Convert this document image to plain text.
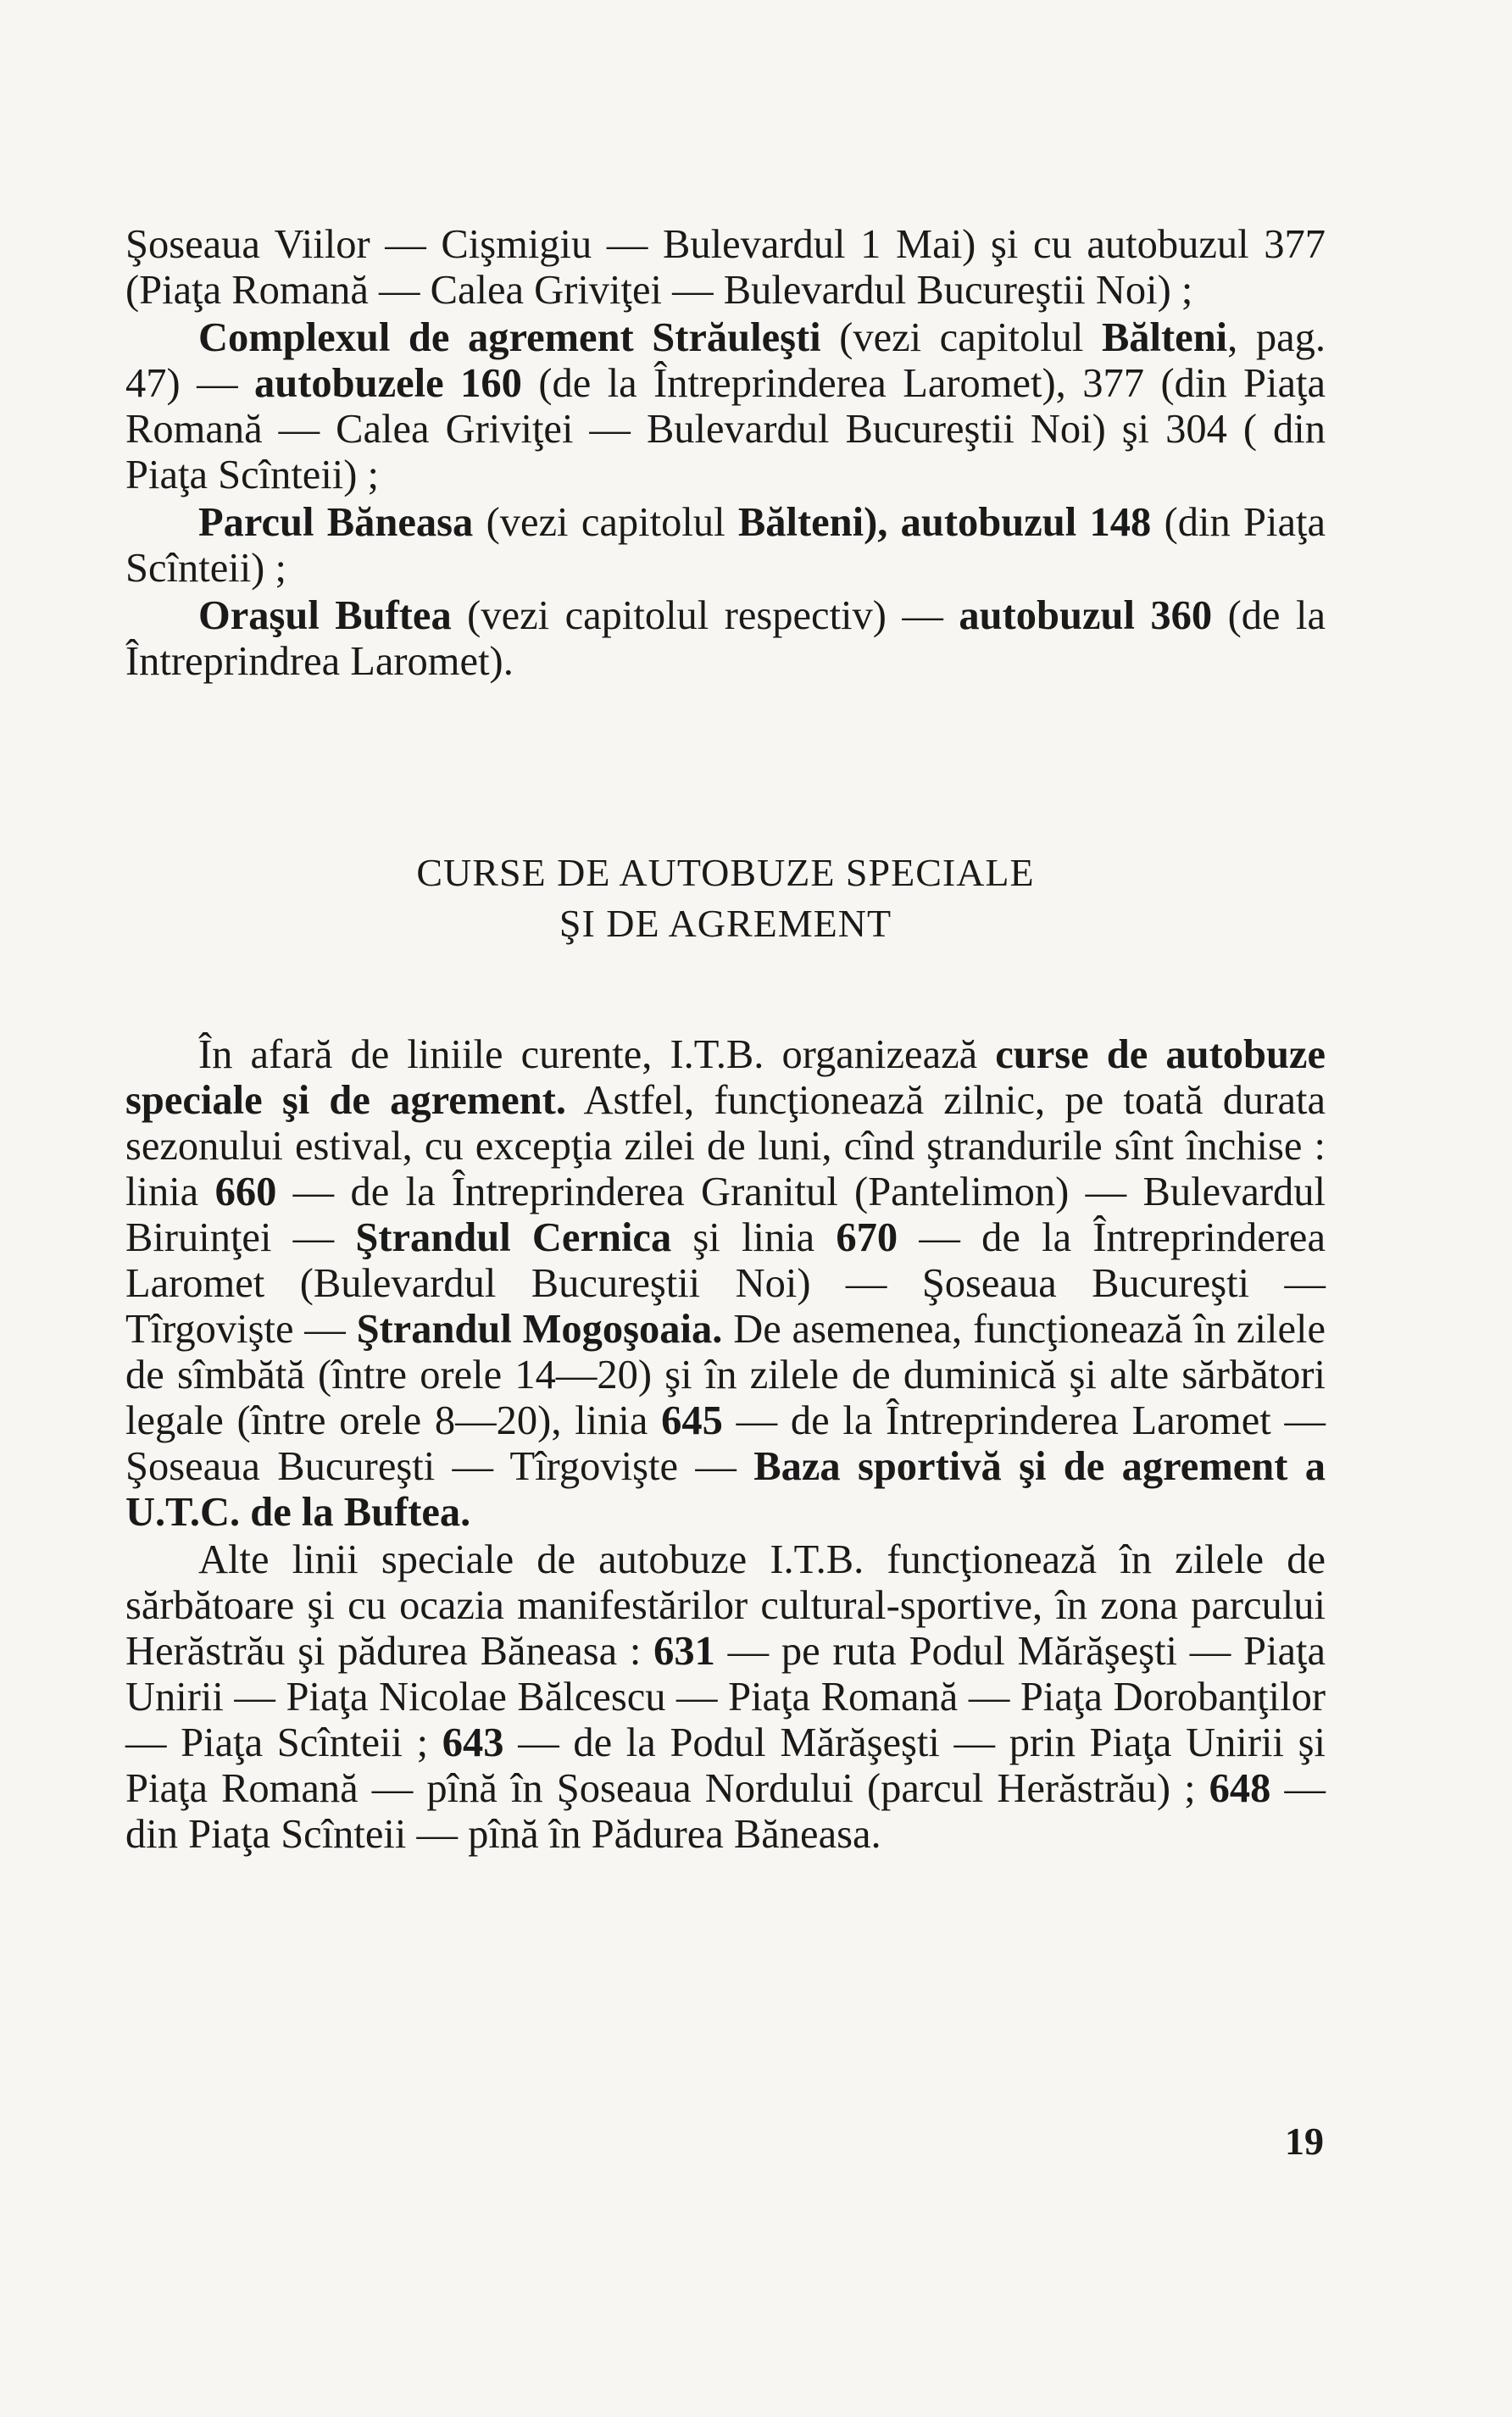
Şoseaua Viilor — Cişmigiu — Bulevardul 1 Mai) şi cu autobuzul 377 (Piaţa Romană — Calea Griviţei — Bulevardul Bucureştii Noi) ;

Complexul de agrement Străuleşti (vezi capitolul Bălteni, pag. 47) — autobuzele 160 (de la Întreprinderea Laromet), 377 (din Piaţa Romană — Calea Griviţei — Bulevardul Bucureştii Noi) şi 304 ( din Piaţa Scînteii) ;

Parcul Băneasa (vezi capitolul Bălteni), autobuzul 148 (din Piaţa Scînteii) ;

Oraşul Buftea (vezi capitolul respectiv) — autobuzul 360 (de la Întreprindrea Laromet).

CURSE DE AUTOBUZE SPECIALE
ŞI DE AGREMENT

În afară de liniile curente, I.T.B. organizează curse de autobuze speciale şi de agrement. Astfel, funcţionează zilnic, pe toată durata sezonului estival, cu excepţia zilei de luni, cînd ştrandurile sînt închise : linia 660 — de la Întreprinderea Granitul (Pantelimon) — Bulevardul Biruinţei — Ştrandul Cernica şi linia 670 — de la Întreprinderea Laromet (Bulevardul Bucureştii Noi) — Şoseaua Bucureşti — Tîrgovişte — Ştrandul Mogoşoaia. De asemenea, funcţionează în zilele de sîmbătă (între orele 14—20) şi în zilele de duminică şi alte sărbători legale (între orele 8—20), linia 645 — de la Întreprinderea Laromet — Şoseaua Bucureşti — Tîrgovişte — Baza sportivă şi de agrement a U.T.C. de la Buftea.

Alte linii speciale de autobuze I.T.B. funcţionează în zilele de sărbătoare şi cu ocazia manifestărilor cultural-sportive, în zona parcului Herăstrău şi pădurea Băneasa : 631 — pe ruta Podul Mărăşeşti — Piaţa Unirii — Piaţa Nicolae Bălcescu — Piaţa Romană — Piaţa Dorobanţilor — Piaţa Scînteii ; 643 — de la Podul Mărăşeşti — prin Piaţa Unirii şi Piaţa Romană — pînă în Şoseaua Nordului (parcul Herăstrău) ; 648 — din Piaţa Scînteii — pînă în Pădurea Băneasa.

19
